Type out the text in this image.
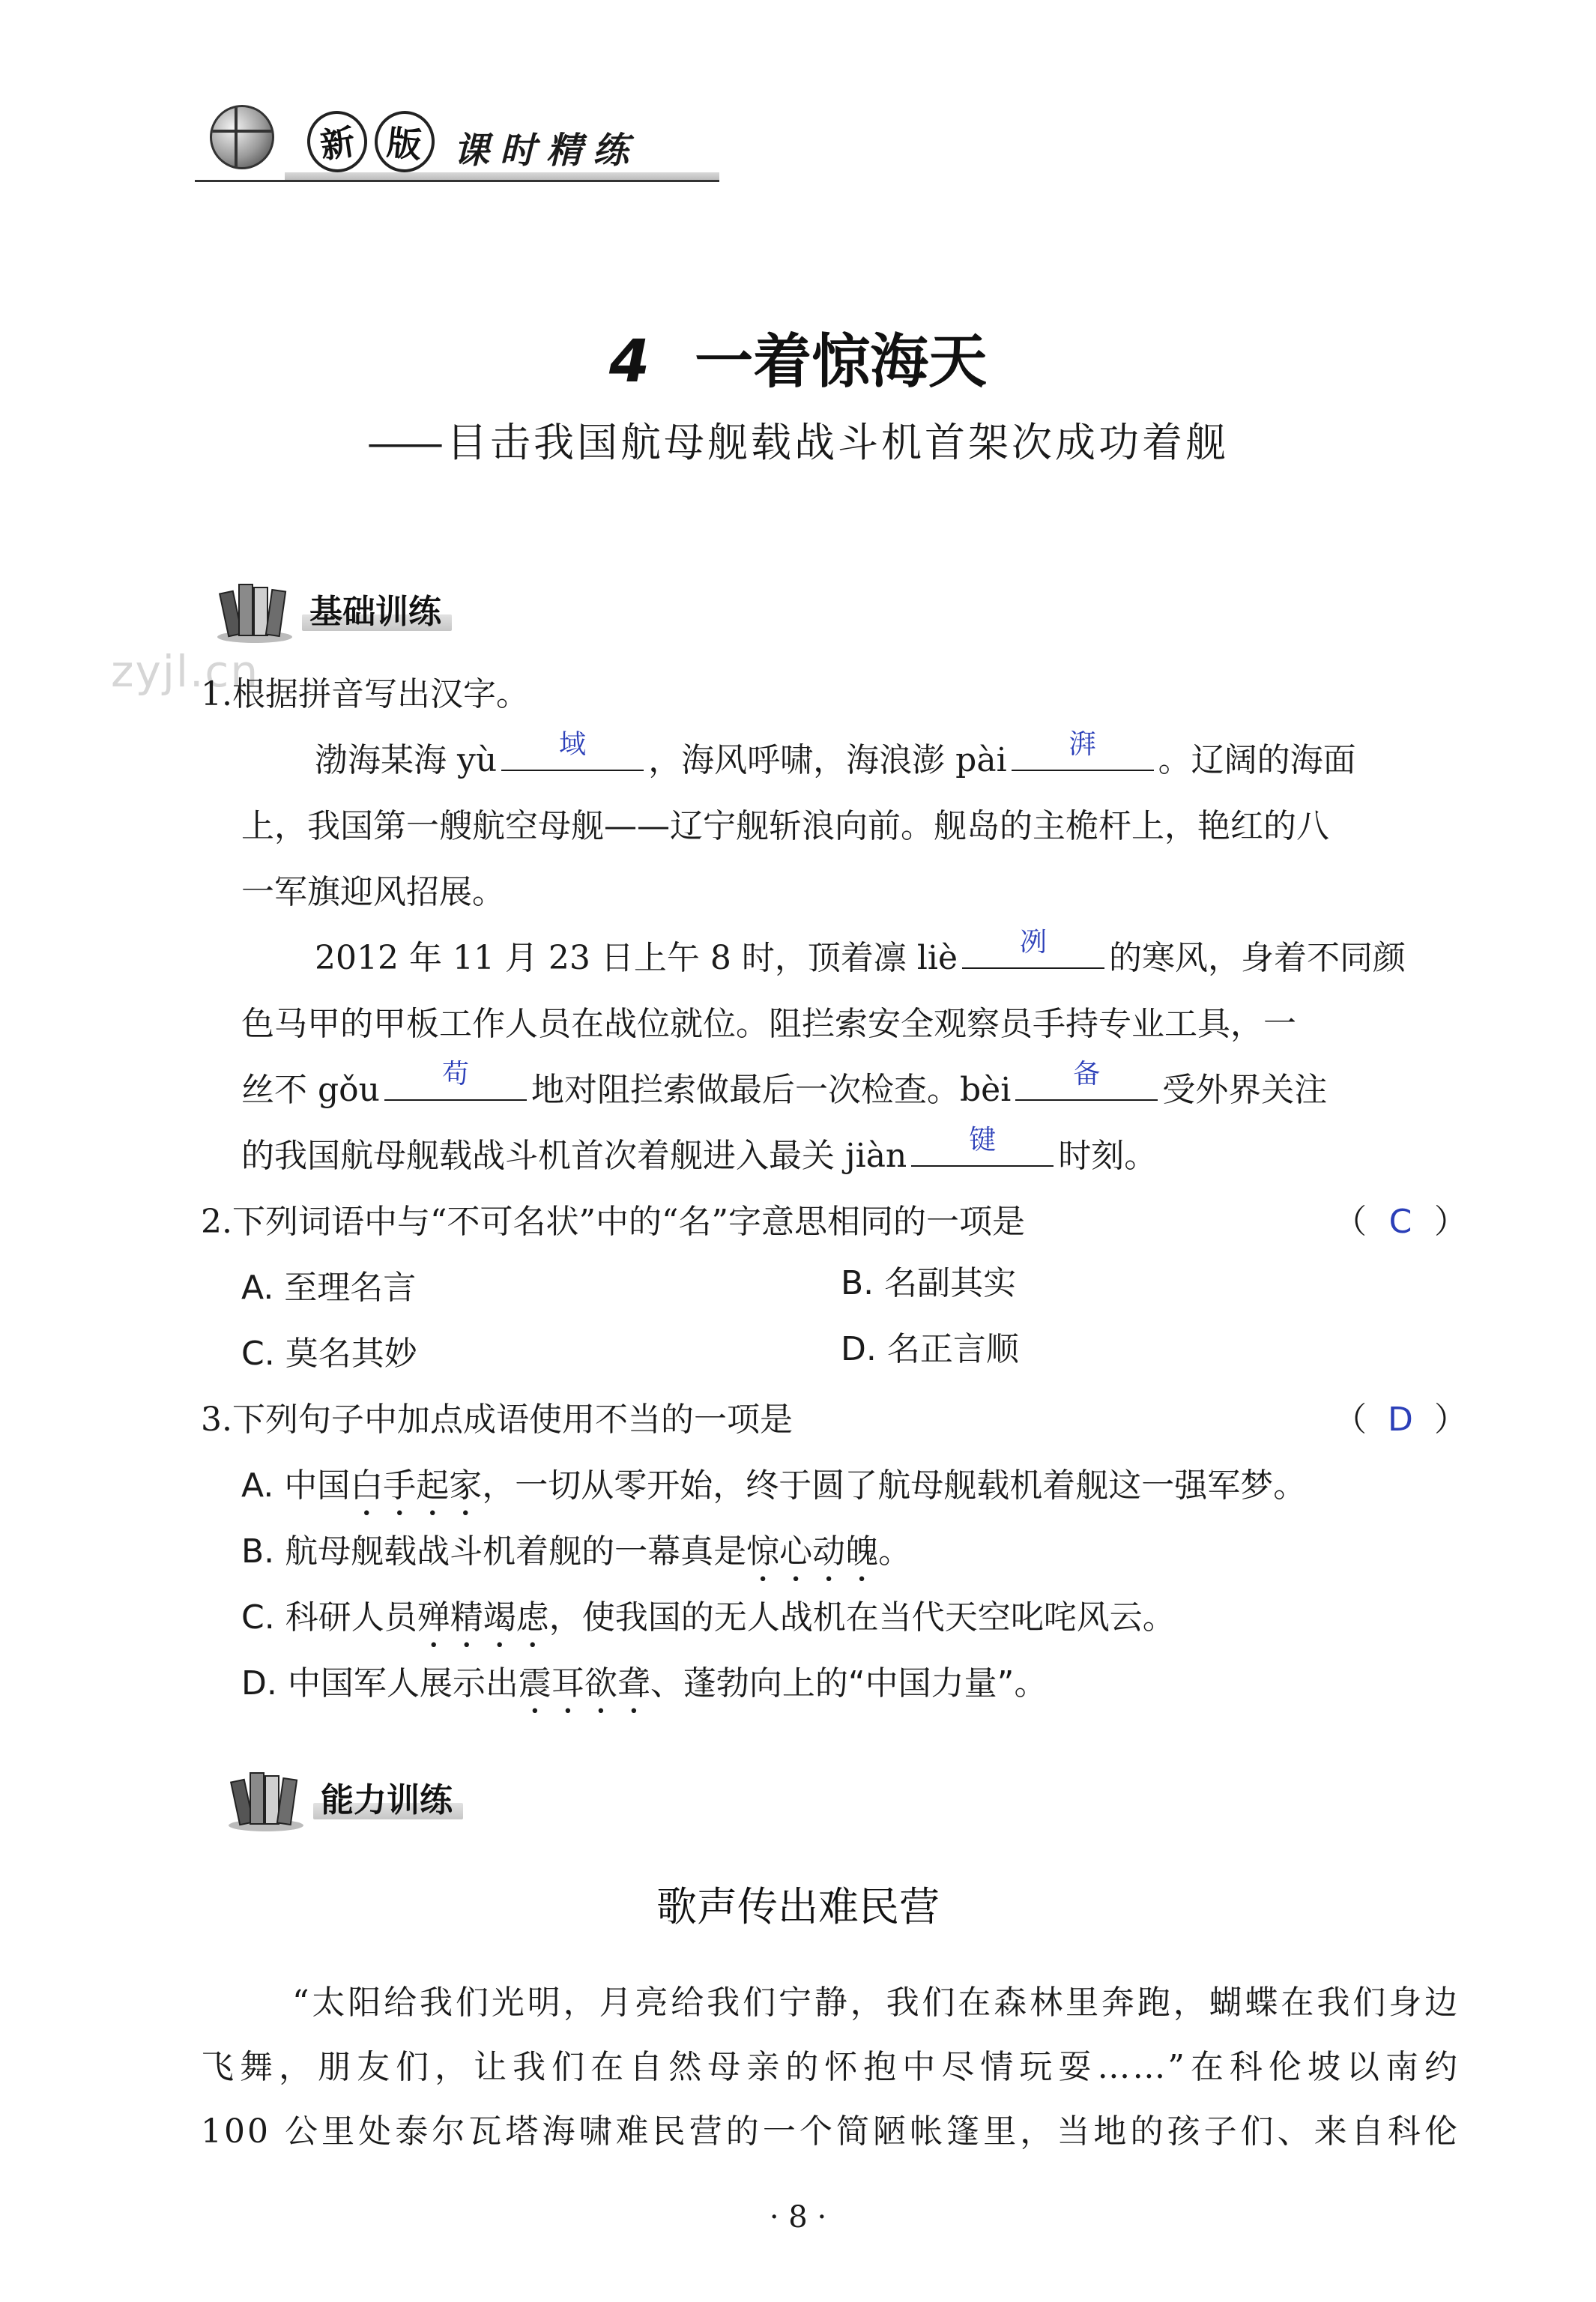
新 版 课时精练
4 一着惊海天
—— 目击我国航母舰载战斗机首架次成功着舰
基础训练
zyjl.cn
1.根据拼音写出汉字。
渤海某海 yù	域	，海风呼啸，海浪澎 pài	湃	。辽阔的海面
上，我国第一艘航空母舰——辽宁舰斩浪向前。舰岛的主桅杆上，艳红的八
一军旗迎风招展。
2012 年 11 月 23 日上午 8 时，顶着凛 liè	冽	的寒风，身着不同颜
色马甲的甲板工作人员在战位就位。阻拦索安全观察员手持专业工具，一
丝不 gǒu	苟	地对阻拦索做最后一次检查。bèi	备	受外界关注
的我国航母舰载战斗机首次着舰进入最关 jiàn	键	时刻。
2.下列词语中与“不可名状”中的“名”字意思相同的一项是	（ C ）
A. 至理名言	B. 名副其实
C. 莫名其妙	D. 名正言顺
3.下列句子中加点成语使用不当的一项是	（ D ）
A. 中国白手起家，一切从零开始，终于圆了航母舰载机着舰这一强军梦。
B. 航母舰载战斗机着舰的一幕真是惊心动魄。
C. 科研人员殚精竭虑，使我国的无人战机在当代天空叱咤风云。
D. 中国军人展示出震耳欲聋、蓬勃向上的“中国力量”。
能力训练
歌声传出难民营
“太阳给我们光明，月亮给我们宁静，我们在森林里奔跑，蝴蝶在我们身边
飞舞，朋友们，让我们在自然母亲的怀抱中尽情玩耍……”在科伦坡以南约
100 公里处泰尔瓦塔海啸难民营的一个简陋帐篷里，当地的孩子们、来自科伦
· 8 ·
